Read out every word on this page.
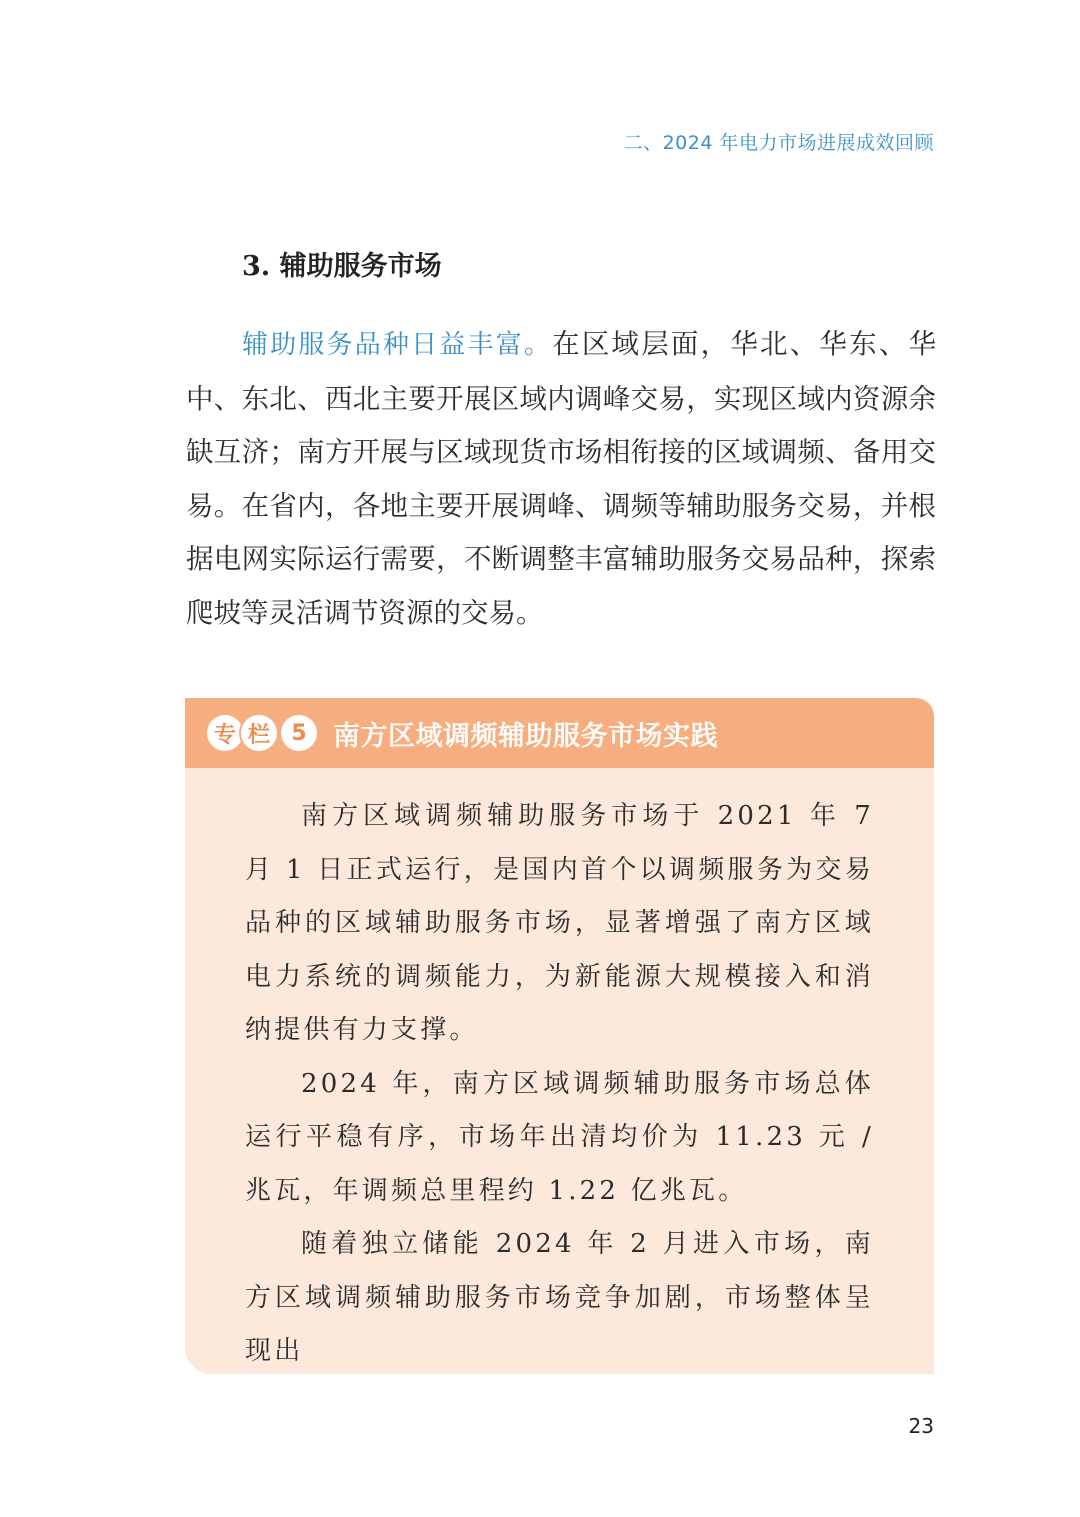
二、2024 年电力市场进展成效回顾
3. 辅助服务市场

辅助服务品种日益丰富。在区域层面，华北、华东、华中、东北、西北主要开展区域内调峰交易，实现区域内资源余缺互济；南方开展与区域现货市场相衔接的区域调频、备用交易。在省内，各地主要开展调峰、调频等辅助服务交易，并根据电网实际运行需要，不断调整丰富辅助服务交易品种，探索爬坡等灵活调节资源的交易。

专 栏 5 南方区域调频辅助服务市场实践

南方区域调频辅助服务市场于 2021 年 7 月 1 日正式运行，是国内首个以调频服务为交易品种的区域辅助服务市场，显著增强了南方区域电力系统的调频能力，为新能源大规模接入和消纳提供有力支撑。

2024 年，南方区域调频辅助服务市场总体运行平稳有序，市场年出清均价为 11.23 元 / 兆瓦，年调频总里程约 1.22 亿兆瓦。

随着独立储能 2024 年 2 月进入市场，南方区域调频辅助服务市场竞争加剧，市场整体呈现出

23
